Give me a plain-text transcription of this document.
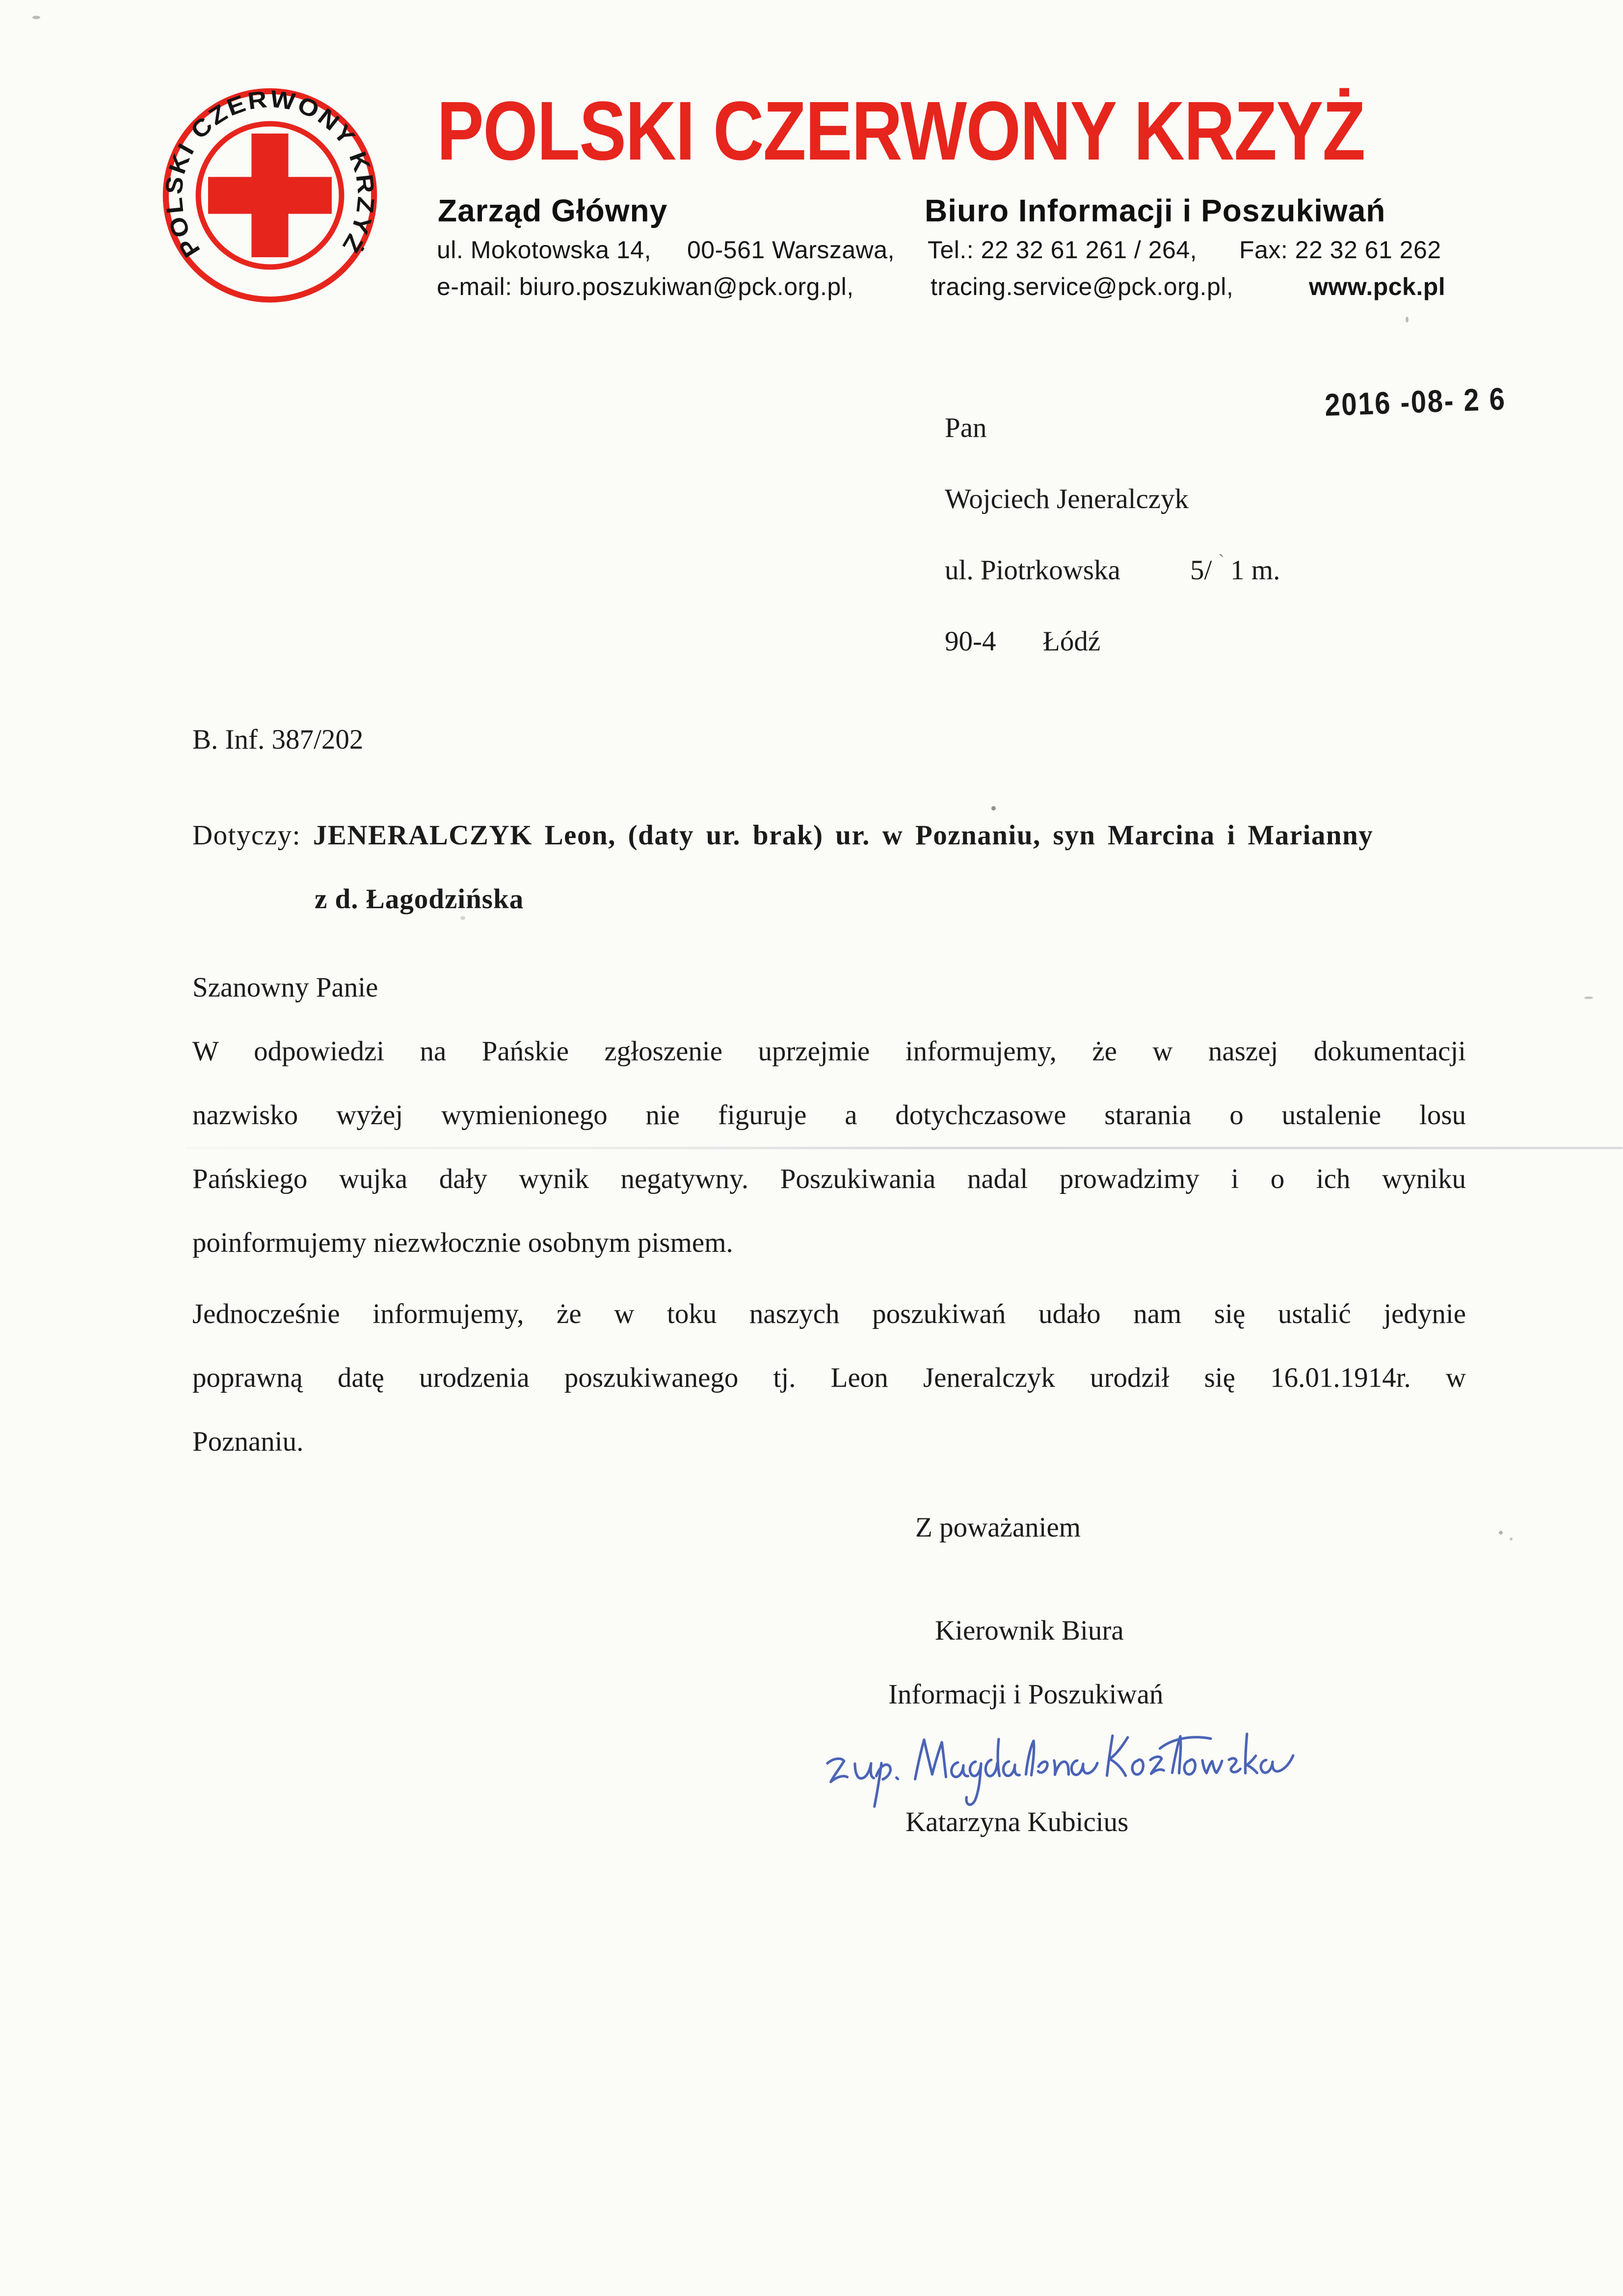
POLSKI CZERWONY KRZYŻ
POLSKI CZERWONY KRZYŻ
Zarząd Główny	Biuro Informacji i Poszukiwań
ul. Mokotowska 14, 00-561 Warszawa, Tel.: 22 32 61 261 / 264, Fax: 22 32 61 262
e-mail: biuro.poszukiwan@pck.org.pl,	tracing.service@pck.org.pl,	www.pck.pl
2016 -08- 2 6
Pan
Wojciech Jeneralczyk
ul. Piotrkowska 5/ ` 1 m.
90-4 Łódź
B. Inf. 387/202
Dotyczy: JENERALCZYK Leon, (daty ur. brak) ur. w Poznaniu, syn Marcina i Marianny
z d. Łagodzińska
Szanowny Panie
W odpowiedzi na Pańskie zgłoszenie uprzejmie informujemy, że w naszej dokumentacji
nazwisko wyżej wymienionego nie figuruje a dotychczasowe starania o ustalenie losu
Pańskiego wujka dały wynik negatywny. Poszukiwania nadal prowadzimy i o ich wyniku
poinformujemy niezwłocznie osobnym pismem.
Jednocześnie informujemy, że w toku naszych poszukiwań udało nam się ustalić jedynie
poprawną datę urodzenia poszukiwanego tj. Leon Jeneralczyk urodził się 16.01.1914r. w
Poznaniu.
Z poważaniem
Kierownik Biura
Informacji i Poszukiwań
Katarzyna Kubicius
